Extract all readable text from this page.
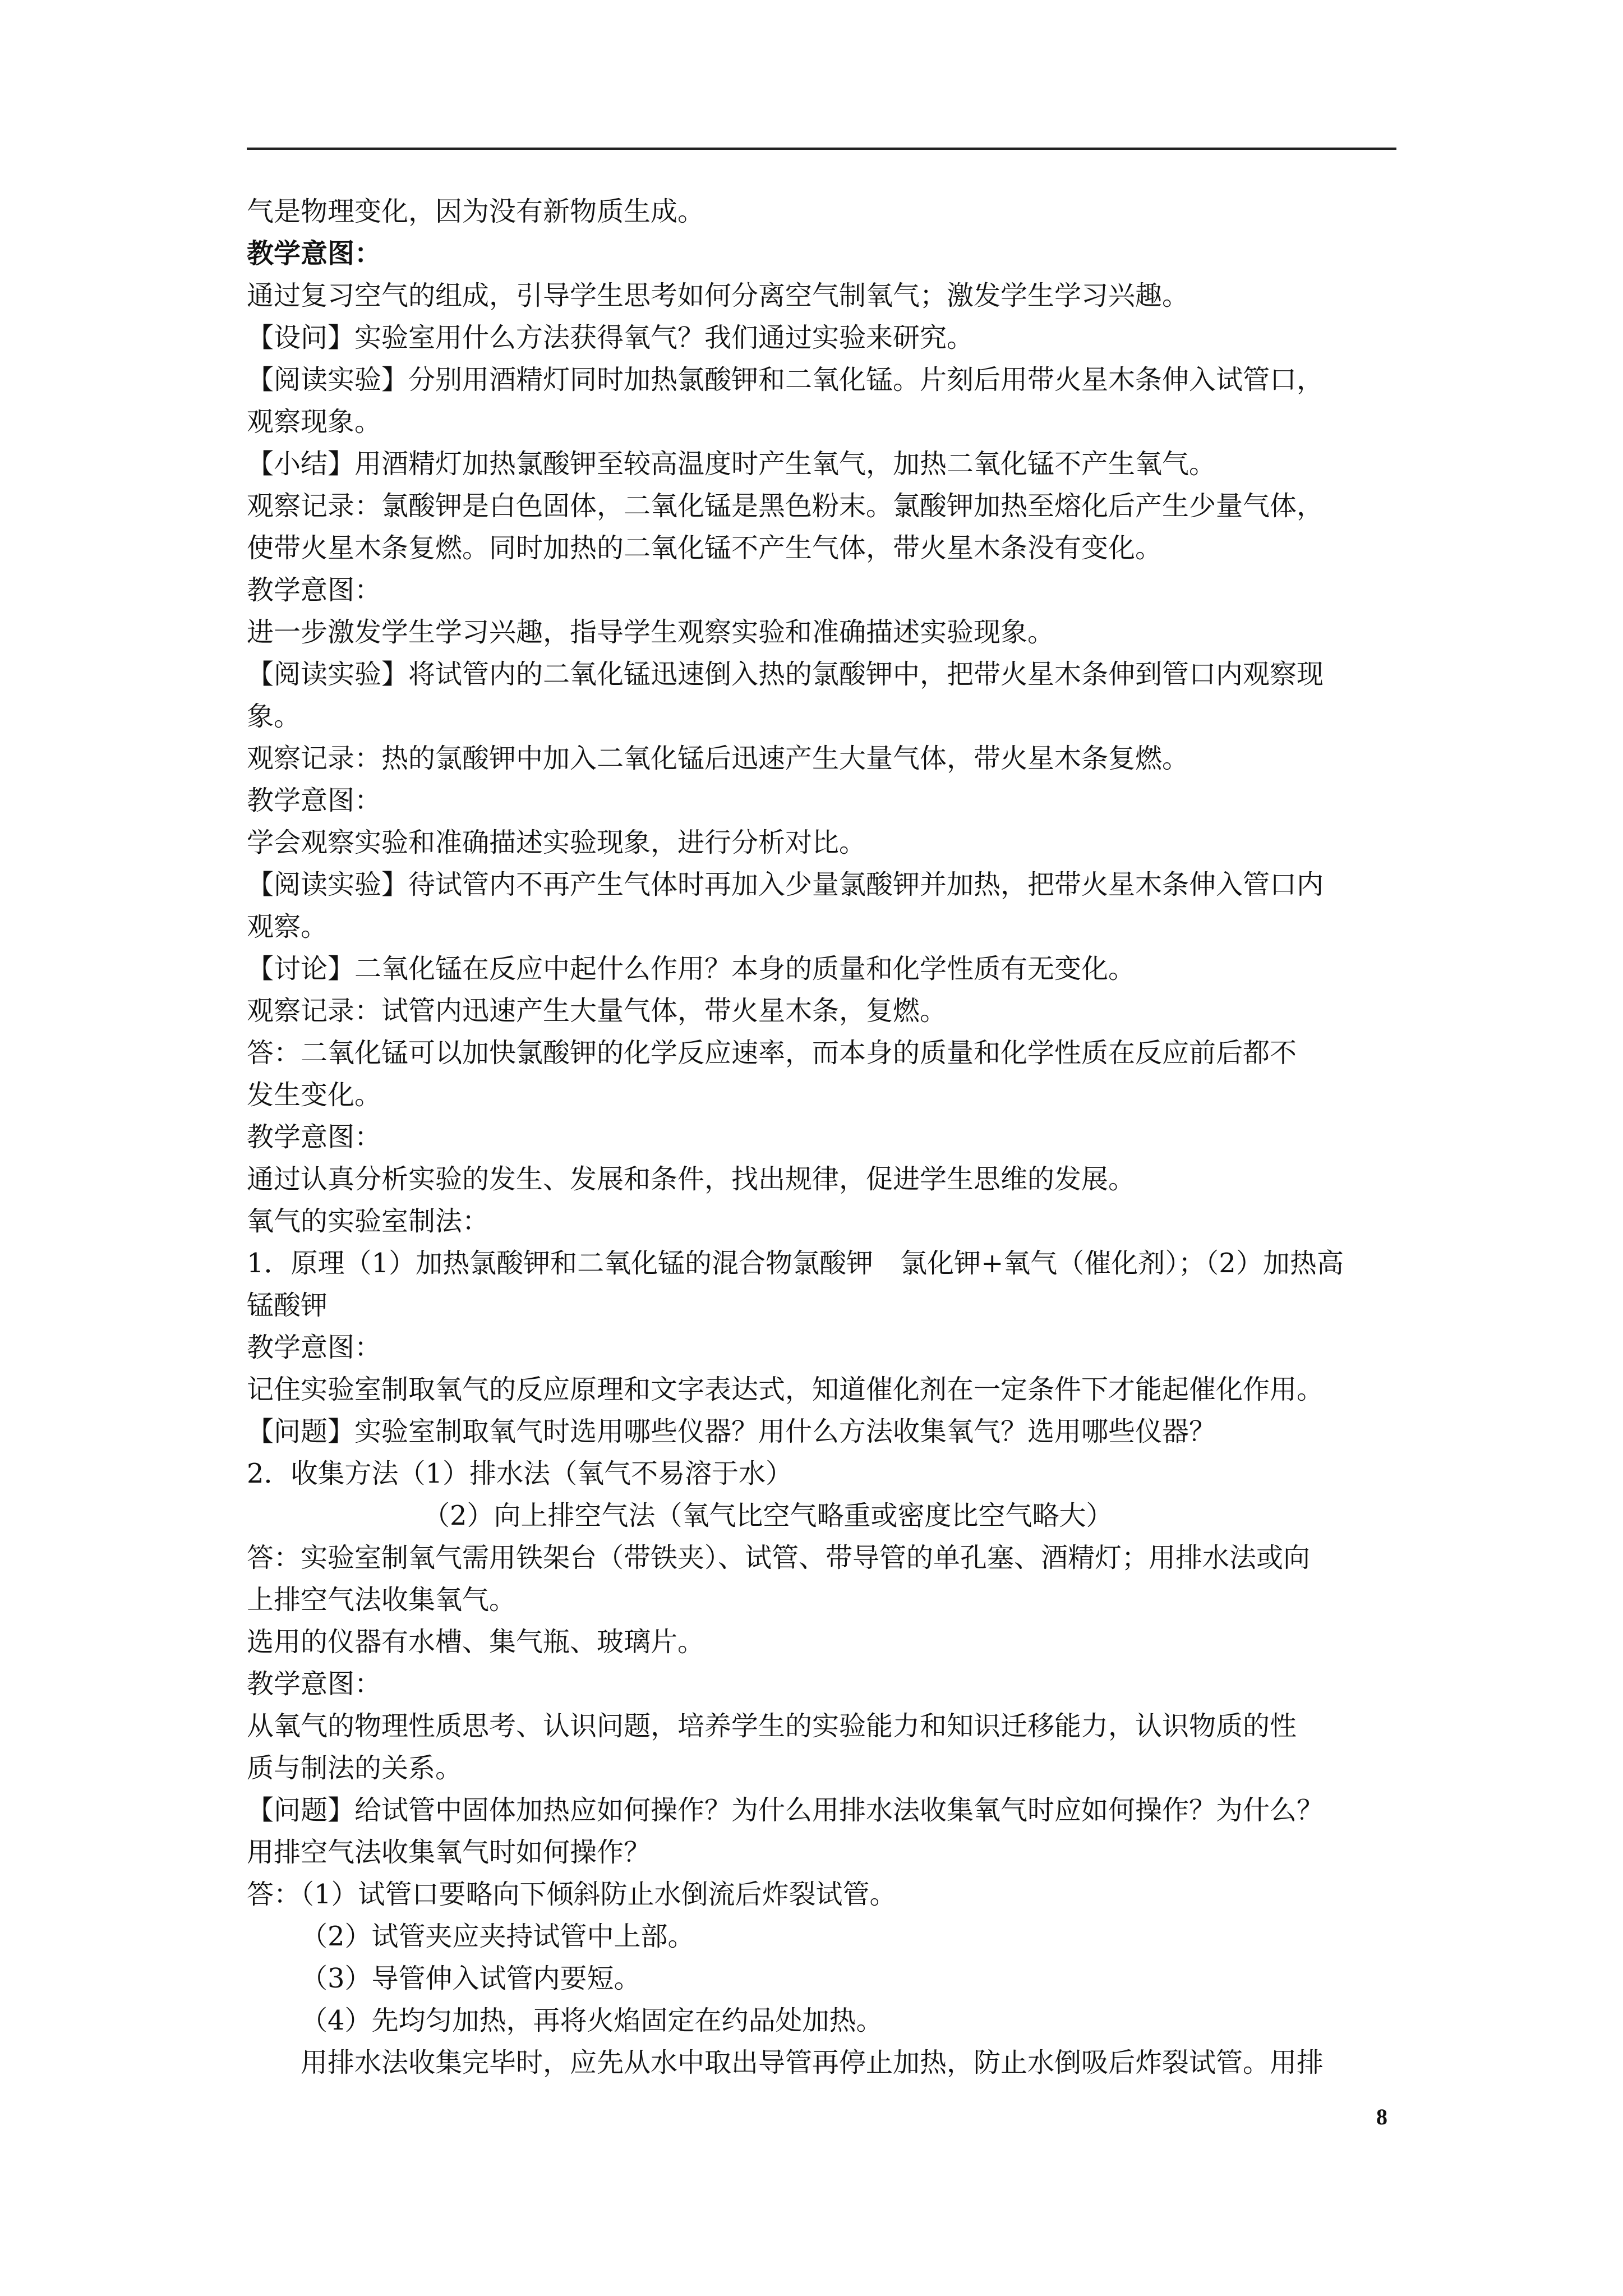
气是物理变化，因为没有新物质生成。
教学意图：
通过复习空气的组成，引导学生思考如何分离空气制氧气；激发学生学习兴趣。
【设问】实验室用什么方法获得氧气？我们通过实验来研究。
【阅读实验】分别用酒精灯同时加热氯酸钾和二氧化锰。片刻后用带火星木条伸入试管口，
观察现象。
【小结】用酒精灯加热氯酸钾至较高温度时产生氧气，加热二氧化锰不产生氧气。
观察记录：氯酸钾是白色固体，二氧化锰是黑色粉末。氯酸钾加热至熔化后产生少量气体，
使带火星木条复燃。同时加热的二氧化锰不产生气体，带火星木条没有变化。
教学意图：
进一步激发学生学习兴趣，指导学生观察实验和准确描述实验现象。
【阅读实验】将试管内的二氧化锰迅速倒入热的氯酸钾中，把带火星木条伸到管口内观察现
象。
观察记录：热的氯酸钾中加入二氧化锰后迅速产生大量气体，带火星木条复燃。
教学意图：
学会观察实验和准确描述实验现象，进行分析对比。
【阅读实验】待试管内不再产生气体时再加入少量氯酸钾并加热，把带火星木条伸入管口内
观察。
【讨论】二氧化锰在反应中起什么作用？本身的质量和化学性质有无变化。
观察记录：试管内迅速产生大量气体，带火星木条，复燃。
答：二氧化锰可以加快氯酸钾的化学反应速率，而本身的质量和化学性质在反应前后都不
发生变化。
教学意图：
通过认真分析实验的发生、发展和条件，找出规律，促进学生思维的发展。
氧气的实验室制法：
1．原理（1）加热氯酸钾和二氧化锰的混合物氯酸钾　氯化钾+氧气（催化剂）；（2）加热高
锰酸钾
教学意图：
记住实验室制取氧气的反应原理和文字表达式，知道催化剂在一定条件下才能起催化作用。
【问题】实验室制取氧气时选用哪些仪器？用什么方法收集氧气？选用哪些仪器？
2．收集方法（1）排水法（氧气不易溶于水）
（2）向上排空气法（氧气比空气略重或密度比空气略大）
答：实验室制氧气需用铁架台（带铁夹）、试管、带导管的单孔塞、酒精灯；用排水法或向
上排空气法收集氧气。
选用的仪器有水槽、集气瓶、玻璃片。
教学意图：
从氧气的物理性质思考、认识问题，培养学生的实验能力和知识迁移能力，认识物质的性
质与制法的关系。
【问题】给试管中固体加热应如何操作？为什么用排水法收集氧气时应如何操作？为什么？
用排空气法收集氧气时如何操作？
答：（1）试管口要略向下倾斜防止水倒流后炸裂试管。
（2）试管夹应夹持试管中上部。
（3）导管伸入试管内要短。
（4）先均匀加热，再将火焰固定在约品处加热。
用排水法收集完毕时，应先从水中取出导管再停止加热，防止水倒吸后炸裂试管。用排
8
